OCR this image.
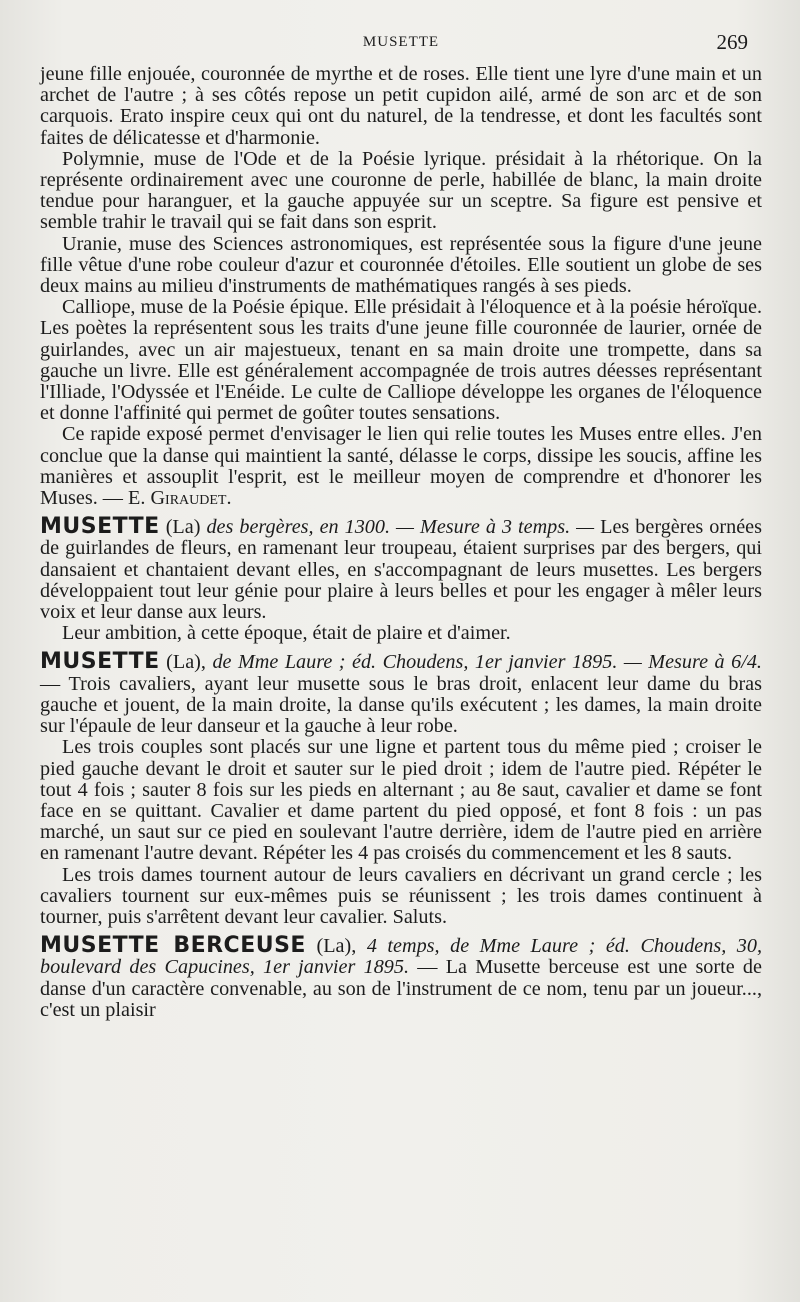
MUSETTE	269

jeune fille enjouée, couronnée de myrthe et de roses. Elle tient une lyre d'une main et un archet de l'autre ; à ses côtés repose un petit cupidon ailé, armé de son arc et de son carquois. Erato inspire ceux qui ont du naturel, de la tendresse, et dont les facultés sont faites de délicatesse et d'harmonie.

Polymnie, muse de l'Ode et de la Poésie lyrique. présidait à la rhétorique. On la représente ordinairement avec une couronne de perle, habillée de blanc, la main droite tendue pour haranguer, et la gauche appuyée sur un sceptre. Sa figure est pensive et semble trahir le travail qui se fait dans son esprit.

Uranie, muse des Sciences astronomiques, est représentée sous la figure d'une jeune fille vêtue d'une robe couleur d'azur et couronnée d'étoiles. Elle soutient un globe de ses deux mains au milieu d'instruments de mathématiques rangés à ses pieds.

Calliope, muse de la Poésie épique. Elle présidait à l'éloquence et à la poésie héroïque. Les poètes la représentent sous les traits d'une jeune fille couronnée de laurier, ornée de guirlandes, avec un air majestueux, tenant en sa main droite une trompette, dans sa gauche un livre. Elle est généralement accompagnée de trois autres déesses représentant l'Illiade, l'Odyssée et l'Enéide. Le culte de Calliope développe les organes de l'éloquence et donne l'affinité qui permet de goûter toutes sensations.

Ce rapide exposé permet d'envisager le lien qui relie toutes les Muses entre elles. J'en conclue que la danse qui maintient la santé, délasse le corps, dissipe les soucis, affine les manières et assouplit l'esprit, est le meilleur moyen de comprendre et d'honorer les Muses. — E. Giraudet.

MUSETTE (La) des bergères, en 1300. — Mesure à 3 temps. — Les bergères ornées de guirlandes de fleurs, en ramenant leur troupeau, étaient surprises par des bergers, qui dansaient et chantaient devant elles, en s'accompagnant de leurs musettes. Les bergers développaient tout leur génie pour plaire à leurs belles et pour les engager à mêler leurs voix et leur danse aux leurs.

Leur ambition, à cette époque, était de plaire et d'aimer.

MUSETTE (La), de Mme Laure ; éd. Choudens, 1er janvier 1895. — Mesure à 6/4. — Trois cavaliers, ayant leur musette sous le bras droit, enlacent leur dame du bras gauche et jouent, de la main droite, la danse qu'ils exécutent ; les dames, la main droite sur l'épaule de leur danseur et la gauche à leur robe.

Les trois couples sont placés sur une ligne et partent tous du même pied ; croiser le pied gauche devant le droit et sauter sur le pied droit ; idem de l'autre pied. Répéter le tout 4 fois ; sauter 8 fois sur les pieds en alternant ; au 8e saut, cavalier et dame se font face en se quittant. Cavalier et dame partent du pied opposé, et font 8 fois : un pas marché, un saut sur ce pied en soulevant l'autre derrière, idem de l'autre pied en arrière en ramenant l'autre devant. Répéter les 4 pas croisés du commencement et les 8 sauts.

Les trois dames tournent autour de leurs cavaliers en décrivant un grand cercle ; les cavaliers tournent sur eux-mêmes puis se réunissent ; les trois dames continuent à tourner, puis s'arrêtent devant leur cavalier. Saluts.

MUSETTE BERCEUSE (La), 4 temps, de Mme Laure ; éd. Choudens, 30, boulevard des Capucines, 1er janvier 1895. — La Musette berceuse est une sorte de danse d'un caractère convenable, au son de l'instrument de ce nom, tenu par un joueur..., c'est un plaisir
